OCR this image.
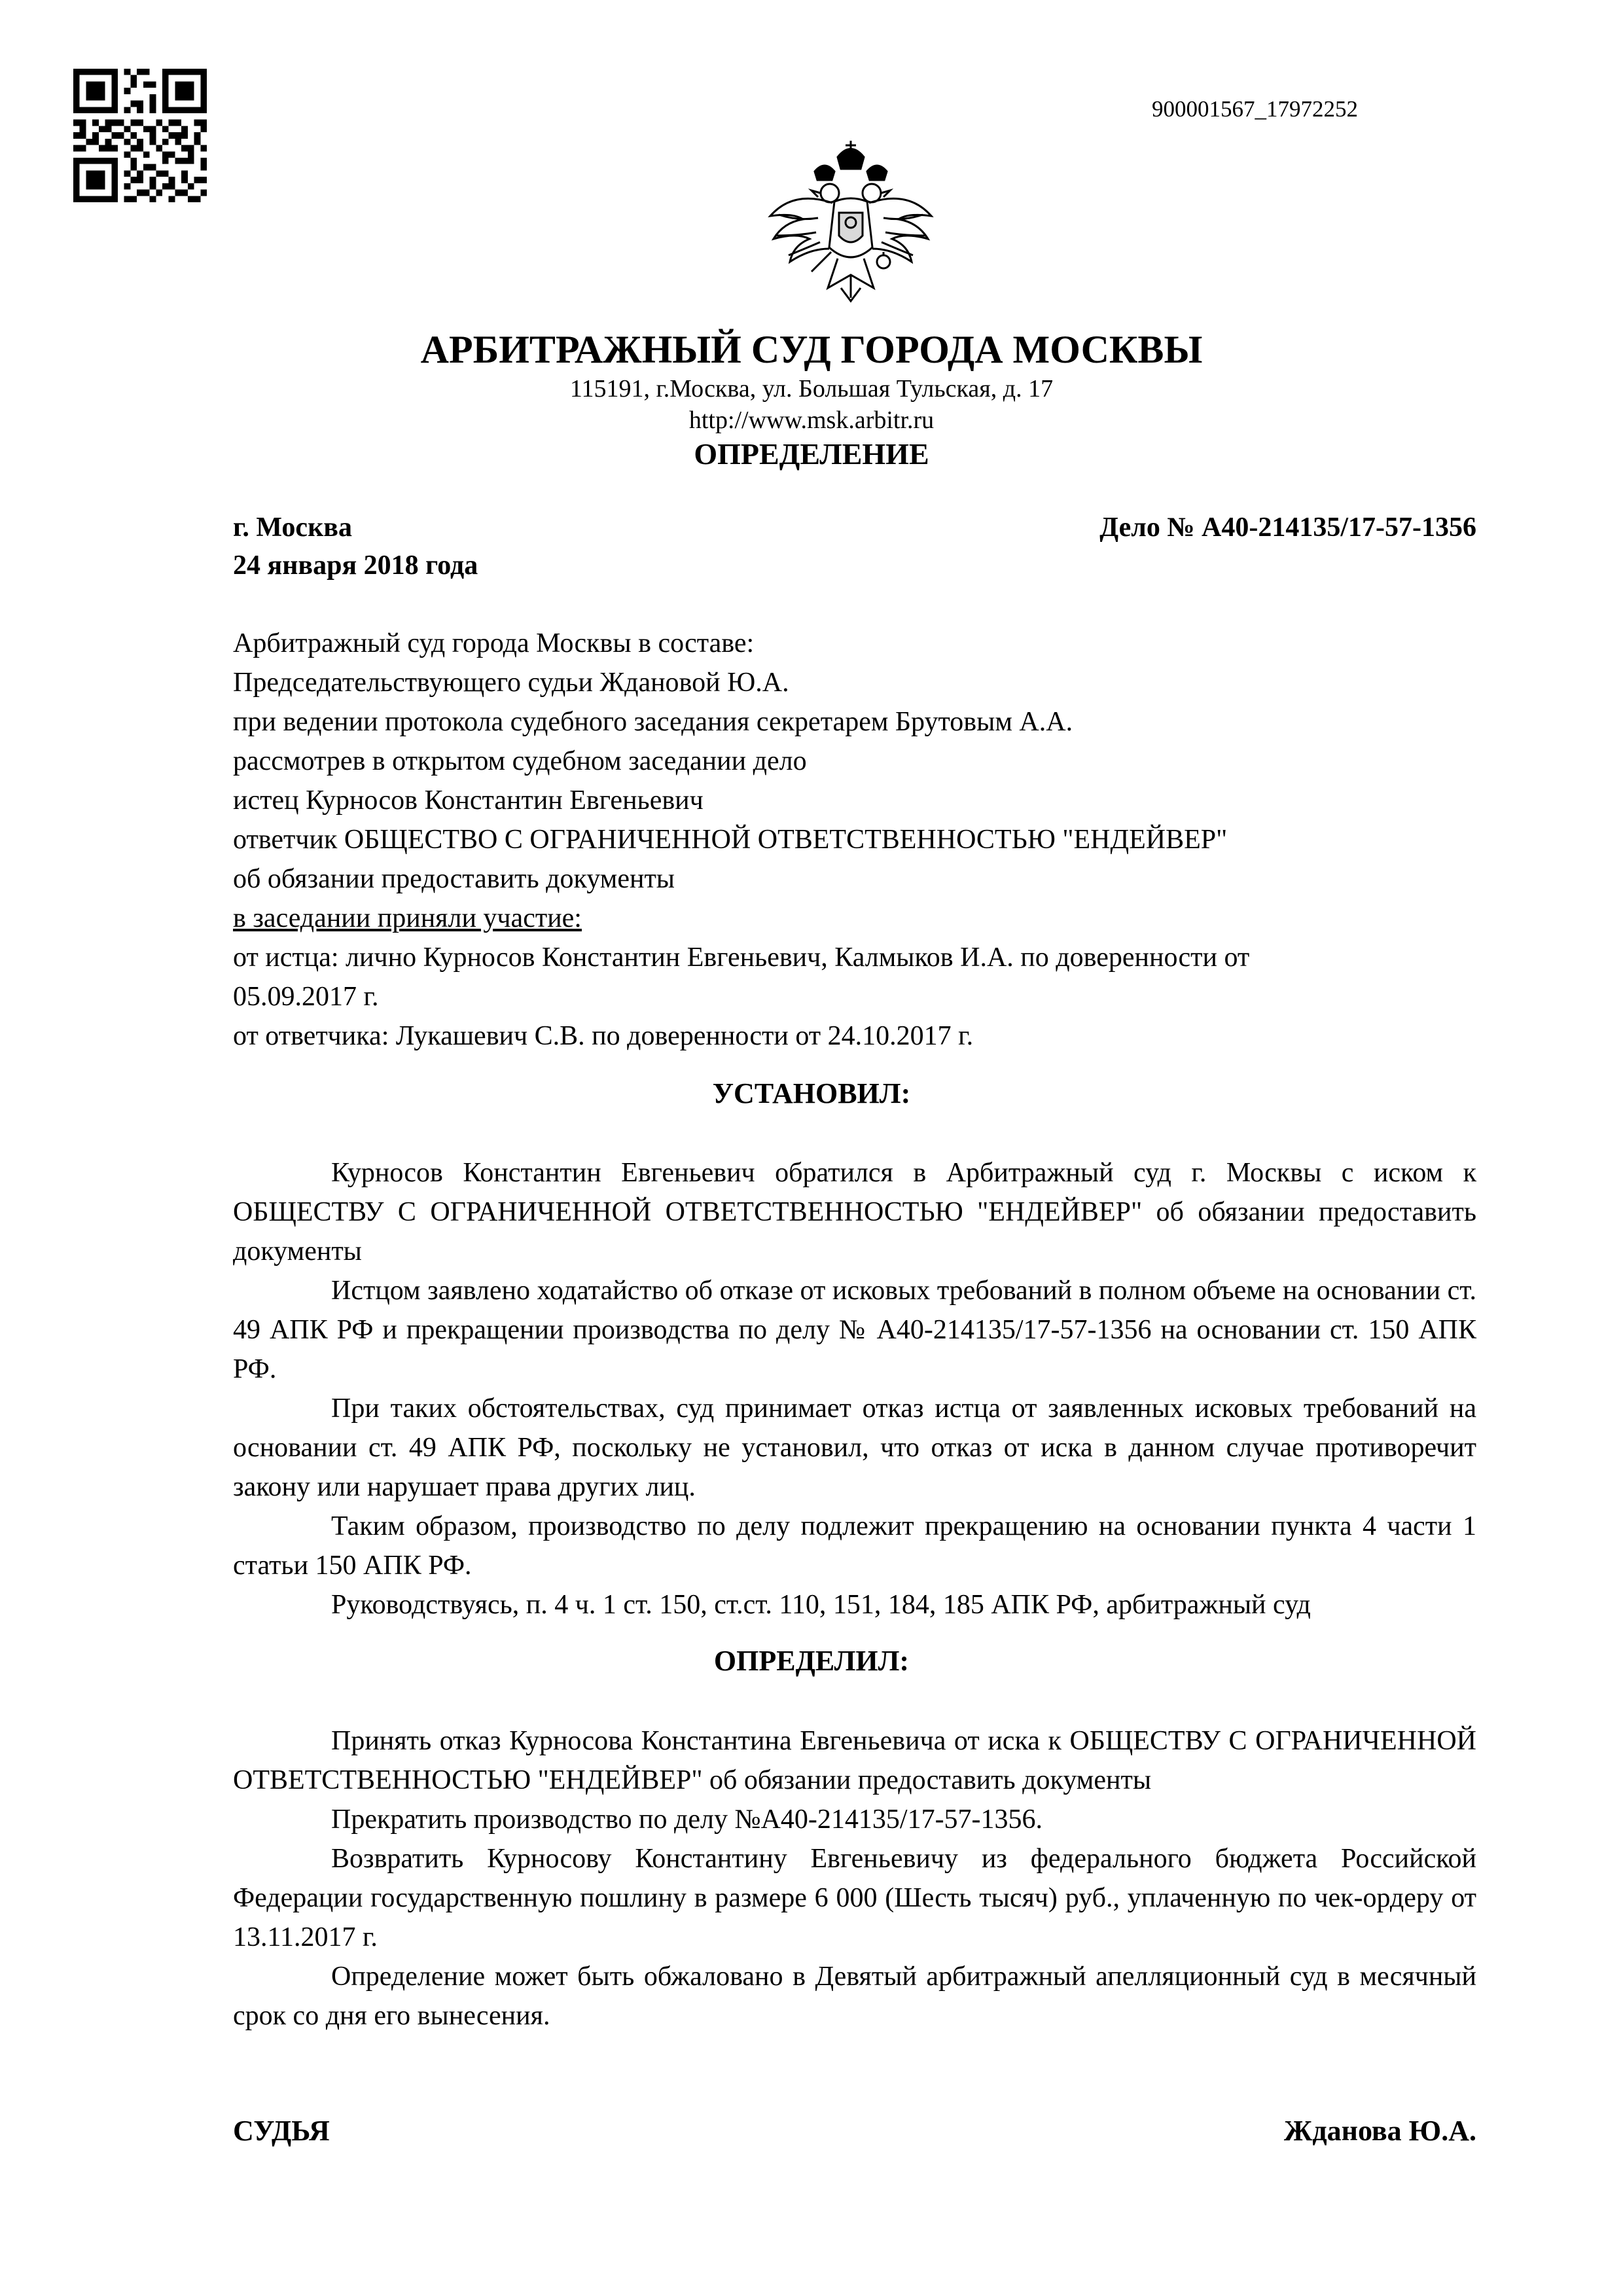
900001567_17972252
АРБИТРАЖНЫЙ СУД ГОРОДА МОСКВЫ
115191, г.Москва, ул. Большая Тульская, д. 17
http://www.msk.arbitr.ru
ОПРЕДЕЛЕНИЕ
г. Москва
24 января 2018 года
Дело № А40-214135/17-57-1356
Арбитражный суд города Москвы в составе:
Председательствующего судьи Ждановой Ю.А.
при ведении протокола судебного заседания секретарем Брутовым А.А.
рассмотрев в открытом судебном заседании дело
истец Курносов Константин Евгеньевич
ответчик ОБЩЕСТВО С ОГРАНИЧЕННОЙ ОТВЕТСТВЕННОСТЬЮ "ЕНДЕЙВЕР"
об обязании предоставить документы
в заседании приняли участие:
от истца: лично Курносов Константин Евгеньевич, Калмыков И.А. по доверенности от
05.09.2017 г.
от ответчика: Лукашевич С.В. по доверенности от 24.10.2017 г.
УСТАНОВИЛ:

Курносов Константин Евгеньевич обратился в Арбитражный суд г. Москвы с иском к ОБЩЕСТВУ С ОГРАНИЧЕННОЙ ОТВЕТСТВЕННОСТЬЮ "ЕНДЕЙВЕР" об обязании предоставить документы

Истцом заявлено ходатайство об отказе от исковых требований в полном объеме на основании ст. 49 АПК РФ и прекращении производства по делу № А40-214135/17-57-1356 на основании ст. 150 АПК РФ.

При таких обстоятельствах, суд принимает отказ истца от заявленных исковых требований на основании ст. 49 АПК РФ, поскольку не установил, что отказ от иска в данном случае противоречит закону или нарушает права других лиц.

Таким образом, производство по делу подлежит прекращению на основании пункта 4 части 1 статьи 150 АПК РФ.

Руководствуясь, п. 4 ч. 1 ст. 150, ст.ст. 110, 151, 184, 185 АПК РФ, арбитражный суд

ОПРЕДЕЛИЛ:

Принять отказ Курносова Константина Евгеньевича от иска к ОБЩЕСТВУ С ОГРАНИЧЕННОЙ ОТВЕТСТВЕННОСТЬЮ "ЕНДЕЙВЕР" об обязании предоставить документы

Прекратить производство по делу №А40-214135/17-57-1356.

Возвратить Курносову Константину Евгеньевичу из федерального бюджета Российской Федерации государственную пошлину в размере 6 000 (Шесть тысяч) руб., уплаченную по чек-ордеру от 13.11.2017 г.

Определение может быть обжаловано в Девятый арбитражный апелляционный суд в месячный срок со дня его вынесения.

СУДЬЯ	Жданова Ю.А.
